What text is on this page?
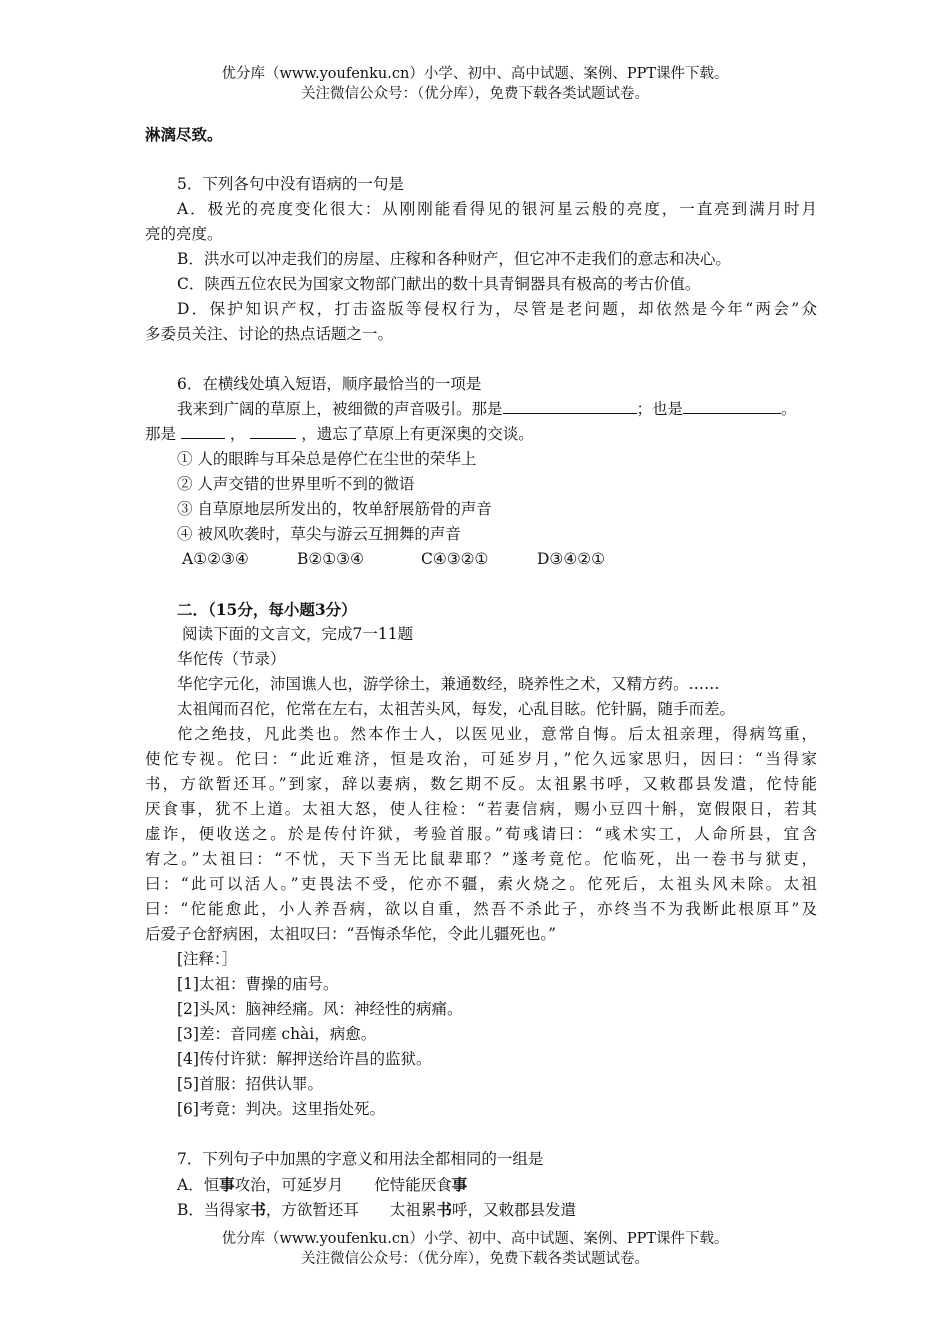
优分库（www.youfenku.cn）小学、初中、高中试题、案例、PPT课件下载。
关注微信公众号：（优分库），免费下载各类试题试卷。
淋漓尽致。
5．下列各句中没有语病的一句是
A．极光的亮度变化很大：从刚刚能看得见的银河星云般的亮度，一直亮到满月时月
亮的亮度。
B．洪水可以冲走我们的房屋、庄稼和各种财产，但它冲不走我们的意志和决心。
C．陕西五位农民为国家文物部门献出的数十具青铜器具有极高的考古价值。
D．保护知识产权，打击盗版等侵权行为，尽管是老问题，却依然是今年“两会”众
多委员关注、讨论的热点话题之一。
6．在横线处填入短语，顺序最恰当的一项是
我来到广阔的草原上，被细微的声音吸引。那是	；也是	。
那是	，	，遗忘了草原上有更深奥的交谈。
① 人的眼眸与耳朵总是停伫在尘世的荣华上
② 人声交错的世界里听不到的微语
③ 自草原地层所发出的，牧单舒展筋骨的声音
④ 被风吹袭时，草尖与游云互拥舞的声音
A①②③④	B②①③④	C④③②①	D③④②①
二．（15分，每小题3分）
阅读下面的文言文，完成7一11题
华佗传（节录）
华佗字元化，沛国谯人也，游学徐土，兼通数经，晓养性之术，又精方药。……
太祖闻而召佗，佗常在左右，太祖苦头风，每发，心乱目眩。佗针膈，随手而差。
佗之绝技，凡此类也。然本作士人，以医见业，意常自悔。后太祖亲理，得病笃重，
使佗专视。佗曰：“此近难济，恒是攻治，可延岁月，”佗久远家思归，因曰：“当得家
书，方欲暂还耳。”到家，辞以妻病，数乞期不反。太祖累书呼，又敕郡县发遣，佗恃能
厌食事，犹不上道。太祖大怒，使人往检：“若妻信病，赐小豆四十斛，宽假限日，若其
虚诈，便收送之。於是传付许狱，考验首服。”荀彧请曰：“彧术实工，人命所县，宜含
宥之。”太祖曰：“不忧，天下当无比鼠辈耶？”遂考竟佗。佗临死，出一卷书与狱吏，
曰：“此可以活人。”吏畏法不受，佗亦不疆，索火烧之。佗死后，太祖头风未除。太祖
曰：“佗能愈此，小人养吾病，欲以自重，然吾不杀此子，亦终当不为我断此根原耳”及
后爱子仓舒病困，太祖叹曰：“吾悔杀华佗，令此儿疆死也。”
[注释：］
[1]太祖：曹操的庙号。
[2]头风：脑神经痛。风：神经性的病痛。
[3]差：音同瘥 chài，病愈。
[4]传付许狱：解押送给许昌的监狱。
[5]首服：招供认罪。
[6]考竟：判决。这里指处死。
7．下列句子中加黑的字意义和用法全都相同的一组是
A．恒事攻治，可延岁月　　佗恃能厌食事
B．当得家书，方欲暂还耳　　太祖累书呼，又敕郡县发遣
优分库（www.youfenku.cn）小学、初中、高中试题、案例、PPT课件下载。
关注微信公众号：（优分库），免费下载各类试题试卷。
